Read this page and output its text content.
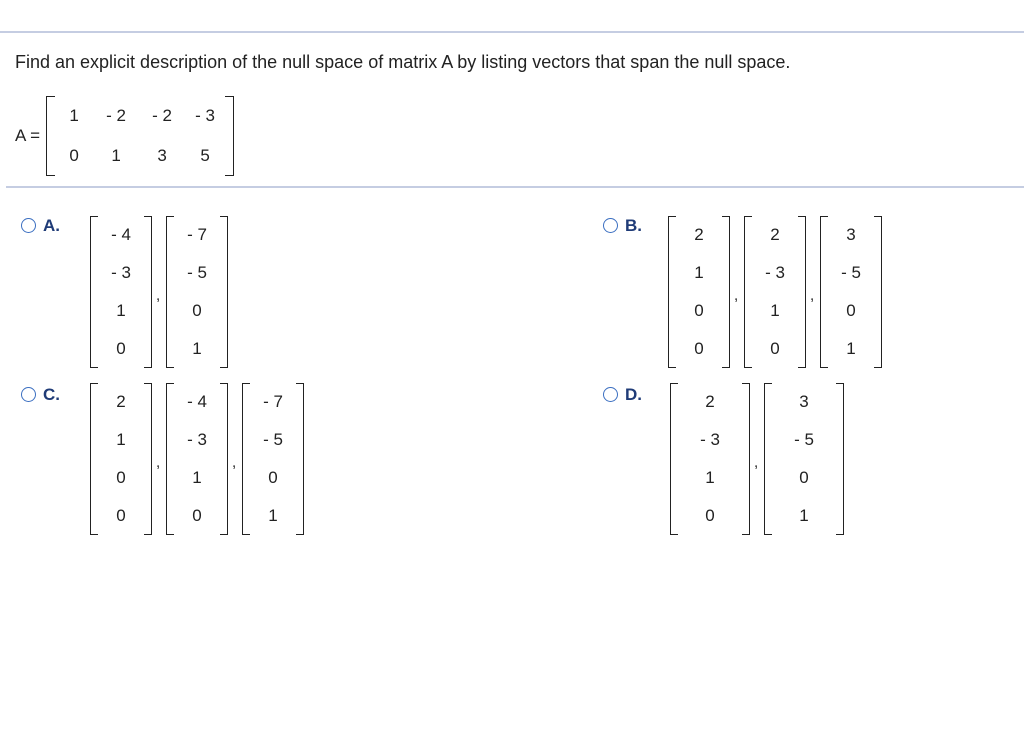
Find an explicit description of the null space of matrix A by listing vectors that span the null space.
A =
1	- 2	- 2	- 3
0	1	3	5
A.	- 4
- 3
1
0
,
- 7
- 5
0
1
B.	2
1
0
0
,
2
- 3
1
0
,
3
- 5
0
1
C.	2
1
0
0
,
- 4
- 3
1
0
,
- 7
- 5
0
1
D.	2
- 3
1
0
,
3
- 5
0
1
